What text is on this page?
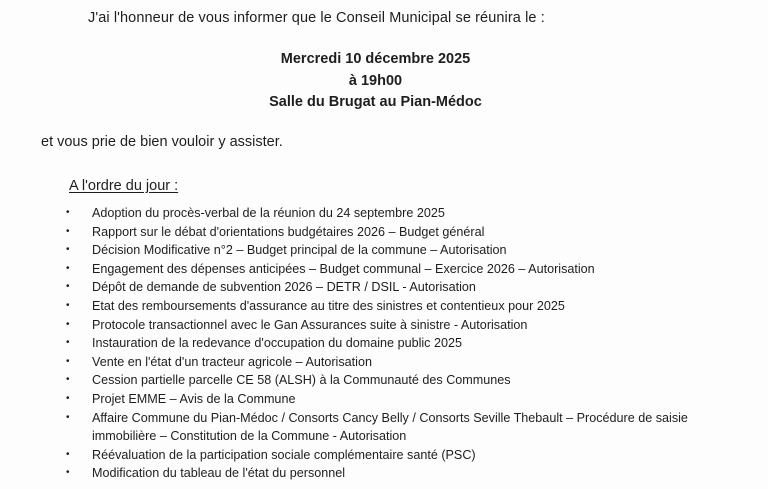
J'ai l'honneur de vous informer que le Conseil Municipal se réunira le :
Mercredi 10 décembre 2025
à 19h00
Salle du Brugat au Pian-Médoc
et vous prie de bien vouloir y assister.
A l'ordre du jour :
• Adoption du procès-verbal de la réunion du 24 septembre 2025
• Rapport sur le débat d'orientations budgétaires 2026 – Budget général
• Décision Modificative n°2 – Budget principal de la commune – Autorisation
• Engagement des dépenses anticipées – Budget communal – Exercice 2026 – Autorisation
• Dépôt de demande de subvention 2026 – DETR / DSIL - Autorisation
• Etat des remboursements d'assurance au titre des sinistres et contentieux pour 2025
• Protocole transactionnel avec le Gan Assurances suite à sinistre - Autorisation
• Instauration de la redevance d'occupation du domaine public 2025
• Vente en l'état d'un tracteur agricole – Autorisation
• Cession partielle parcelle CE 58 (ALSH) à la Communauté des Communes
• Projet EMME – Avis de la Commune
• Affaire Commune du Pian-Médoc / Consorts Cancy Belly / Consorts Seville Thebault – Procédure de saisie immobilière – Constitution de la Commune - Autorisation
• Réévaluation de la participation sociale complémentaire santé (PSC)
• Modification du tableau de l'état du personnel
